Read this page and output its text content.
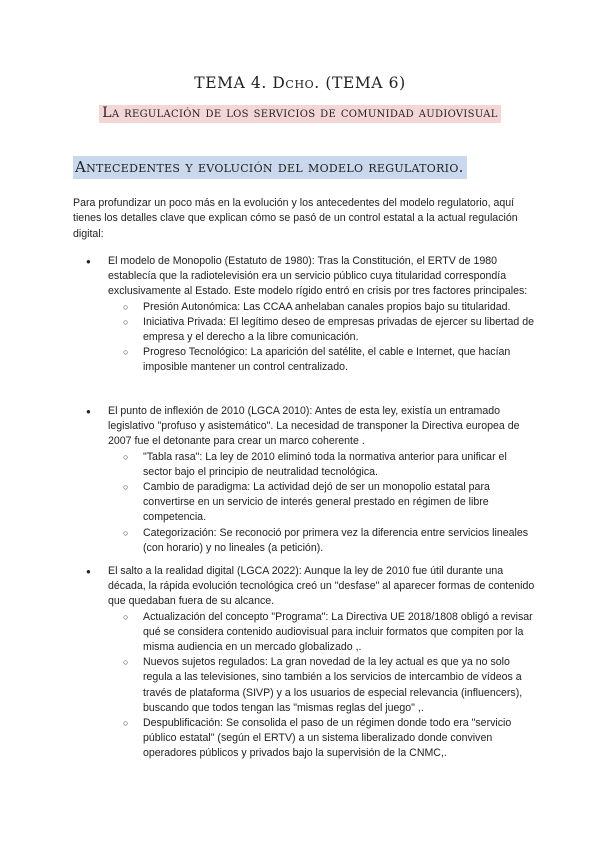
TEMA 4. Dcho. (TEMA 6)
La regulación de los servicios de comunidad audiovisual
Antecedentes y evolución del modelo regulatorio.

Para profundizar un poco más en la evolución y los antecedentes del modelo regulatorio, aquí tienes los detalles clave que explican cómo se pasó de un control estatal a la actual regulación digital:

● El modelo de Monopolio (Estatuto de 1980): Tras la Constitución, el ERTV de 1980 establecía que la radiotelevisión era un servicio público cuya titularidad correspondía exclusivamente al Estado. Este modelo rígido entró en crisis por tres factores principales:
○ Presión Autonómica: Las CCAA anhelaban canales propios bajo su titularidad.
○ Iniciativa Privada: El legítimo deseo de empresas privadas de ejercer su libertad de empresa y el derecho a la libre comunicación.
○ Progreso Tecnológico: La aparición del satélite, el cable e Internet, que hacían imposible mantener un control centralizado.
● El punto de inflexión de 2010 (LGCA 2010): Antes de esta ley, existía un entramado legislativo "profuso y asistemático". La necesidad de transponer la Directiva europea de 2007 fue el detonante para crear un marco coherente .
○ "Tabla rasa": La ley de 2010 eliminó toda la normativa anterior para unificar el sector bajo el principio de neutralidad tecnológica.
○ Cambio de paradigma: La actividad dejó de ser un monopolio estatal para convertirse en un servicio de interés general prestado en régimen de libre competencia.
○ Categorización: Se reconoció por primera vez la diferencia entre servicios lineales (con horario) y no lineales (a petición).
● El salto a la realidad digital (LGCA 2022): Aunque la ley de 2010 fue útil durante una década, la rápida evolución tecnológica creó un "desfase" al aparecer formas de contenido que quedaban fuera de su alcance.
○ Actualización del concepto "Programa": La Directiva UE 2018/1808 obligó a revisar qué se considera contenido audiovisual para incluir formatos que compiten por la misma audiencia en un mercado globalizado ,.
○ Nuevos sujetos regulados: La gran novedad de la ley actual es que ya no solo regula a las televisiones, sino también a los servicios de intercambio de vídeos a través de plataforma (SIVP) y a los usuarios de especial relevancia (influencers), buscando que todos tengan las "mismas reglas del juego" ,.
○ Despublificación: Se consolida el paso de un régimen donde todo era "servicio público estatal" (según el ERTV) a un sistema liberalizado donde conviven operadores públicos y privados bajo la supervisión de la CNMC,.
